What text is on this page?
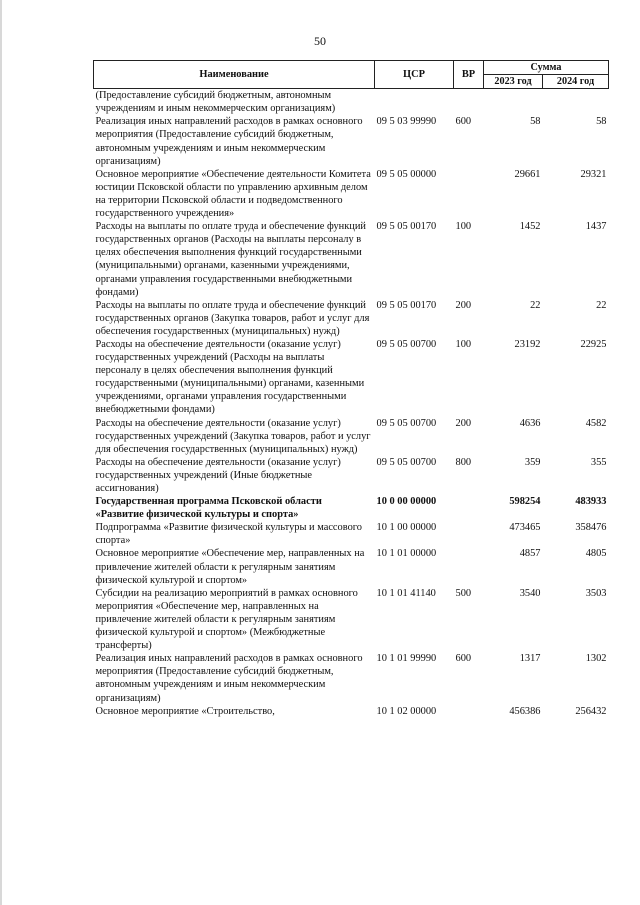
50
Наименование	ЦСР	ВР	Сумма	
			2023 год	2024 год
(Предоставление субсидий бюджетным, автономным учреждениям и иным некоммерческим организациям)				
Реализация иных направлений расходов в рамках основного мероприятия (Предоставление субсидий бюджетным, автономным учреждениям и иным некоммерческим организациям)	09 5 03 99990	600	58	58
Основное мероприятие «Обеспечение деятельности Комитета юстиции Псковской области по управлению архивным делом на территории Псковской области и подведомственного государственного учреждения»	09 5 05 00000		29661	29321
Расходы на выплаты по оплате труда и обеспечение функций государственных органов (Расходы на выплаты персоналу в целях обеспечения выполнения функций государственными (муниципальными) органами, казенными учреждениями, органами управления государственными внебюджетными фондами)	09 5 05 00170	100	1452	1437
Расходы на выплаты по оплате труда и обеспечение функций государственных органов (Закупка товаров, работ и услуг для обеспечения государственных (муниципальных) нужд)	09 5 05 00170	200	22	22
Расходы на обеспечение деятельности (оказание услуг) государственных учреждений (Расходы на выплаты персоналу в целях обеспечения выполнения функций государственными (муниципальными) органами, казенными учреждениями, органами управления государственными внебюджетными фондами)	09 5 05 00700	100	23192	22925
Расходы на обеспечение деятельности (оказание услуг) государственных учреждений (Закупка товаров, работ и услуг для обеспечения государственных (муниципальных) нужд)	09 5 05 00700	200	4636	4582
Расходы на обеспечение деятельности (оказание услуг) государственных учреждений (Иные бюджетные ассигнования)	09 5 05 00700	800	359	355
Государственная программа Псковской области «Развитие физической культуры и спорта»	10 0 00 00000		598254	483933
Подпрограмма «Развитие физической культуры и массового спорта»	10 1 00 00000		473465	358476
Основное мероприятие «Обеспечение мер, направленных на привлечение жителей области к регулярным занятиям физической культурой и спортом»	10 1 01 00000		4857	4805
Субсидии на реализацию мероприятий в рамках основного мероприятия «Обеспечение мер, направленных на привлечение жителей области к регулярным занятиям физической культурой и спортом» (Межбюджетные трансферты)	10 1 01 41140	500	3540	3503
Реализация иных направлений расходов в рамках основного мероприятия (Предоставление субсидий бюджетным, автономным учреждениям и иным некоммерческим организациям)	10 1 01 99990	600	1317	1302
Основное мероприятие «Строительство,	10 1 02 00000		456386	256432
